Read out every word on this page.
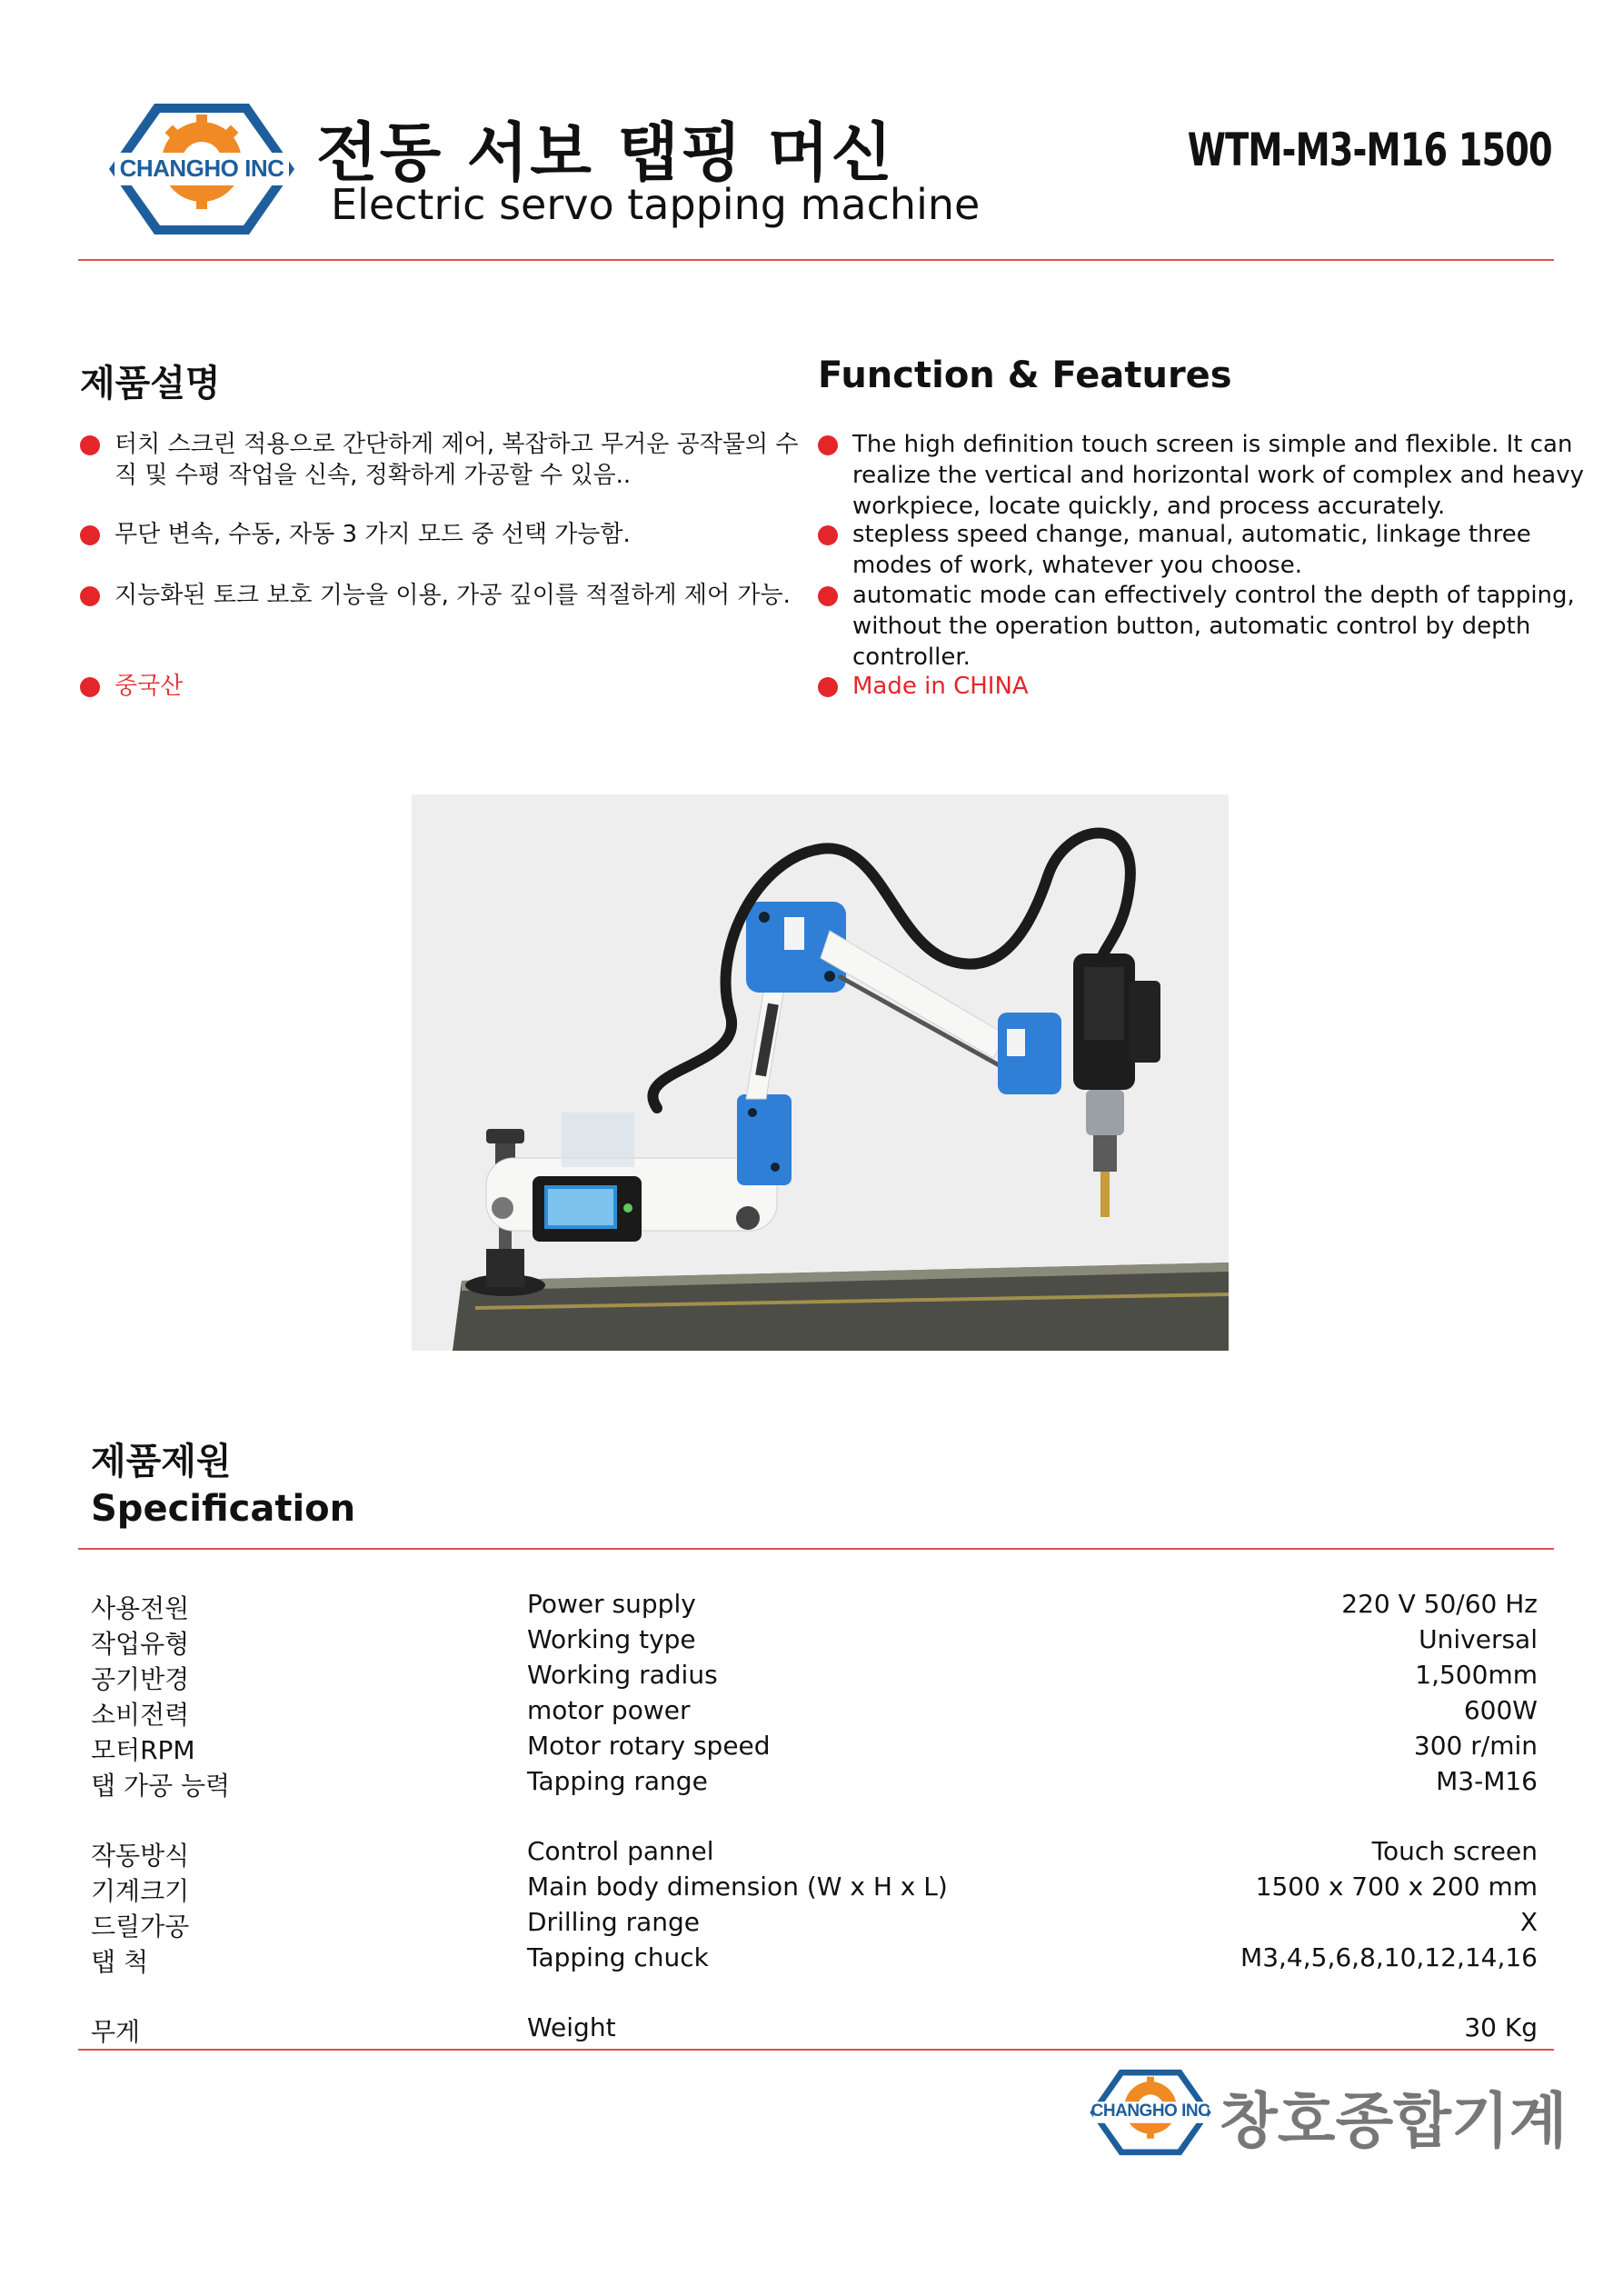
CHANGHO INC 전동 서보 탭핑 머신
Electric servo tapping machine
WTM-M3-M16 1500
제품설명
터치 스크린 적용으로 간단하게 제어, 복잡하고 무거운 공작물의 수직 및 수평 작업을 신속, 정확하게 가공할 수 있음..
무단 변속, 수동, 자동 3 가지 모드 중 선택 가능함.
지능화된 토크 보호 기능을 이용, 가공 깊이를 적절하게 제어 가능.
중국산
Function & Features
The high definition touch screen is simple and flexible. It can realize the vertical and horizontal work of complex and heavy workpiece, locate quickly, and process accurately.
stepless speed change, manual, automatic, linkage three modes of work, whatever you choose.
automatic mode can effectively control the depth of tapping, without the operation button, automatic control by depth controller.
Made in CHINA
제품제원
Specification
사용전원	Power supply	220 V 50/60 Hz
작업유형	Working type	Universal
공기반경	Working radius	1,500mm
소비전력	motor power	600W
모터RPM	Motor rotary speed	300 r/min
탭 가공 능력	Tapping range	M3-M16
작동방식	Control pannel	Touch screen
기계크기	Main body dimension (W x H x L)	1500 x 700 x 200 mm
드릴가공	Drilling range	X
탭 척	Tapping chuck	M3,4,5,6,8,10,12,14,16
무게	Weight	30 Kg
CHANGHO INC 창호종합기계
